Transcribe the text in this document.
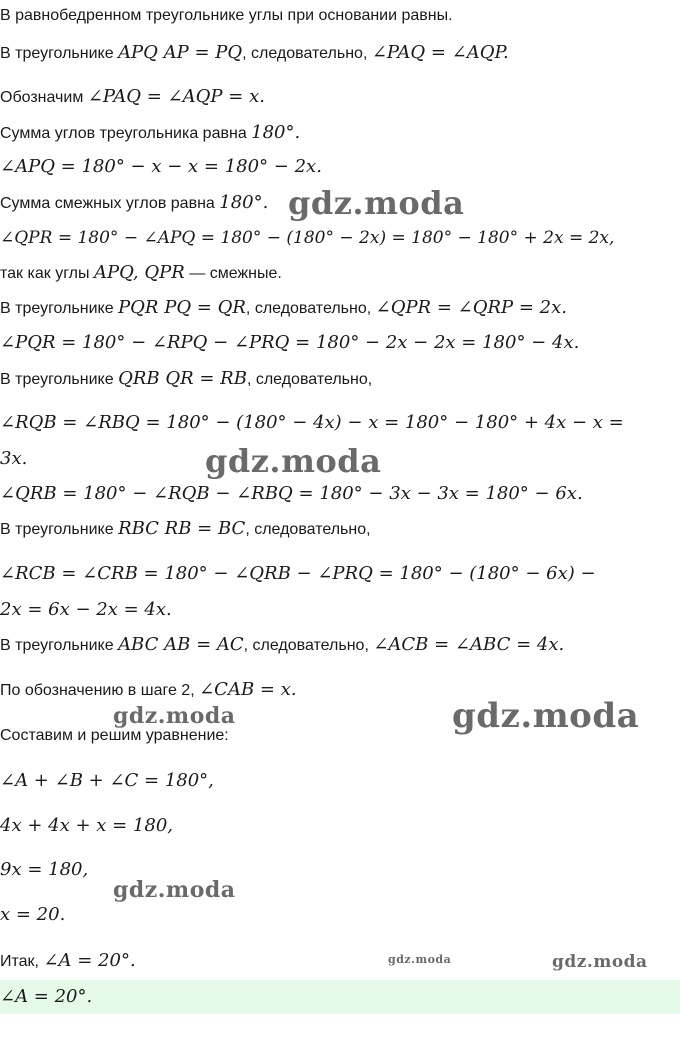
В равнобедренном треугольнике углы при основании равны.
В треугольнике APQ AP = PQ, следовательно, ∠PAQ = ∠AQP.
Обозначим ∠PAQ = ∠AQP = x.
Сумма углов треугольника равна 180°.
∠APQ = 180° − x − x = 180° − 2x.
Сумма смежных углов равна 180°.
∠QPR = 180° − ∠APQ = 180° − (180° − 2x) = 180° − 180° + 2x = 2x,
так как углы APQ, QPR — смежные.
В треугольнике PQR PQ = QR, следовательно, ∠QPR = ∠QRP = 2x.
∠PQR = 180° − ∠RPQ − ∠PRQ = 180° − 2x − 2x = 180° − 4x.
В треугольнике QRB QR = RB, следовательно,
∠RQB = ∠RBQ = 180° − (180° − 4x) − x = 180° − 180° + 4x − x =
3x.
∠QRB = 180° − ∠RQB − ∠RBQ = 180° − 3x − 3x = 180° − 6x.
В треугольнике RBC RB = BC, следовательно,
∠RCB = ∠CRB = 180° − ∠QRB − ∠PRQ = 180° − (180° − 6x) −
2x = 6x − 2x = 4x.
В треугольнике ABC AB = AC, следовательно, ∠ACB = ∠ABC = 4x.
По обозначению в шаге 2, ∠CAB = x.
Составим и решим уравнение:
∠A + ∠B + ∠C = 180°,
4x + 4x + x = 180,
9x = 180,
x = 20.
Итак, ∠A = 20°.
∠A = 20°.
gdz.moda
gdz.moda
gdz.moda
gdz.moda
gdz.moda
gdz.moda	gdz.moda
